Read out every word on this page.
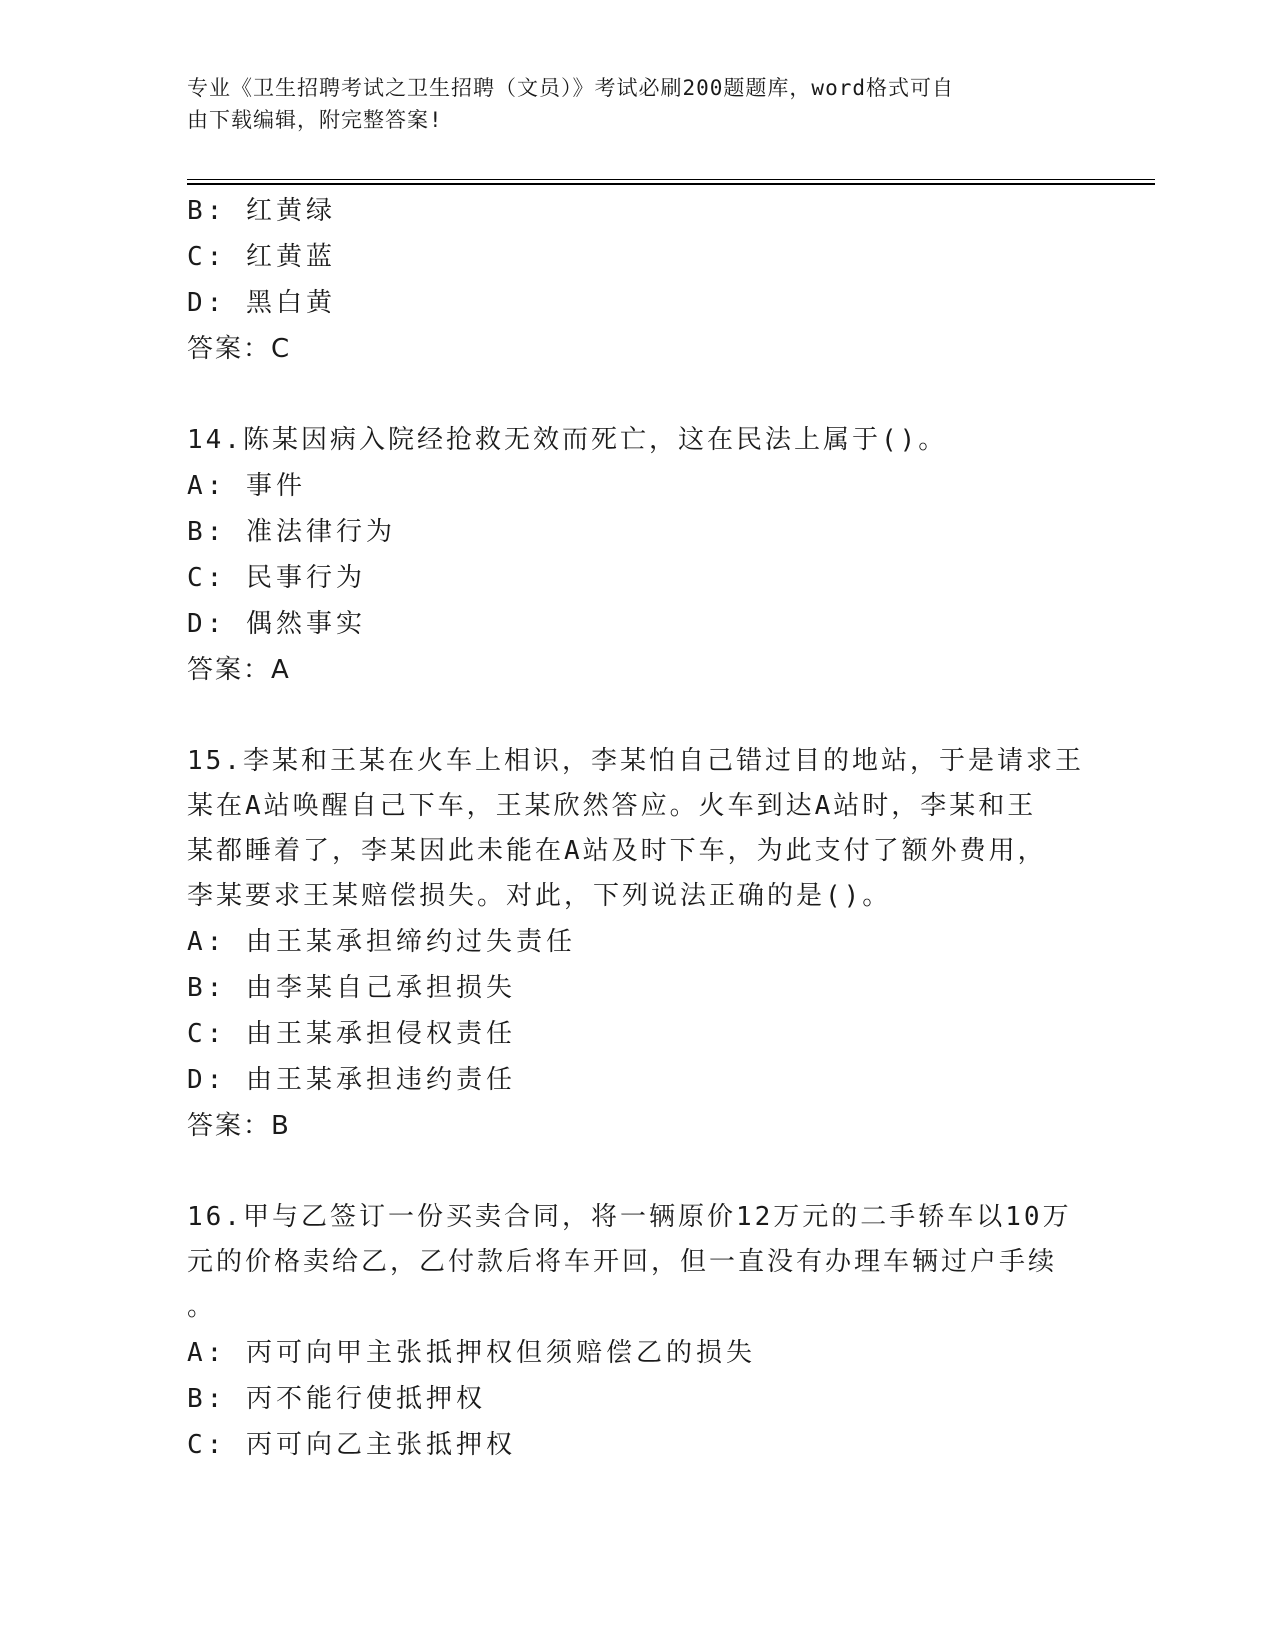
专业《卫生招聘考试之卫生招聘（文员）》考试必刷200题题库，word格式可自
由下载编辑，附完整答案!
B: 红黄绿
C: 红黄蓝
D: 黑白黄
答案：C
14.陈某因病入院经抢救无效而死亡，这在民法上属于()。
A: 事件
B: 准法律行为
C: 民事行为
D: 偶然事实
答案：A
15.李某和王某在火车上相识，李某怕自己错过目的地站，于是请求王
某在A站唤醒自己下车，王某欣然答应。火车到达A站时，李某和王
某都睡着了，李某因此未能在A站及时下车，为此支付了额外费用，
李某要求王某赔偿损失。对此，下列说法正确的是()。
A: 由王某承担缔约过失责任
B: 由李某自己承担损失
C: 由王某承担侵权责任
D: 由王某承担违约责任
答案：B
16.甲与乙签订一份买卖合同，将一辆原价12万元的二手轿车以10万
元的价格卖给乙，乙付款后将车开回，但一直没有办理车辆过户手续
。
A: 丙可向甲主张抵押权但须赔偿乙的损失
B: 丙不能行使抵押权
C: 丙可向乙主张抵押权
